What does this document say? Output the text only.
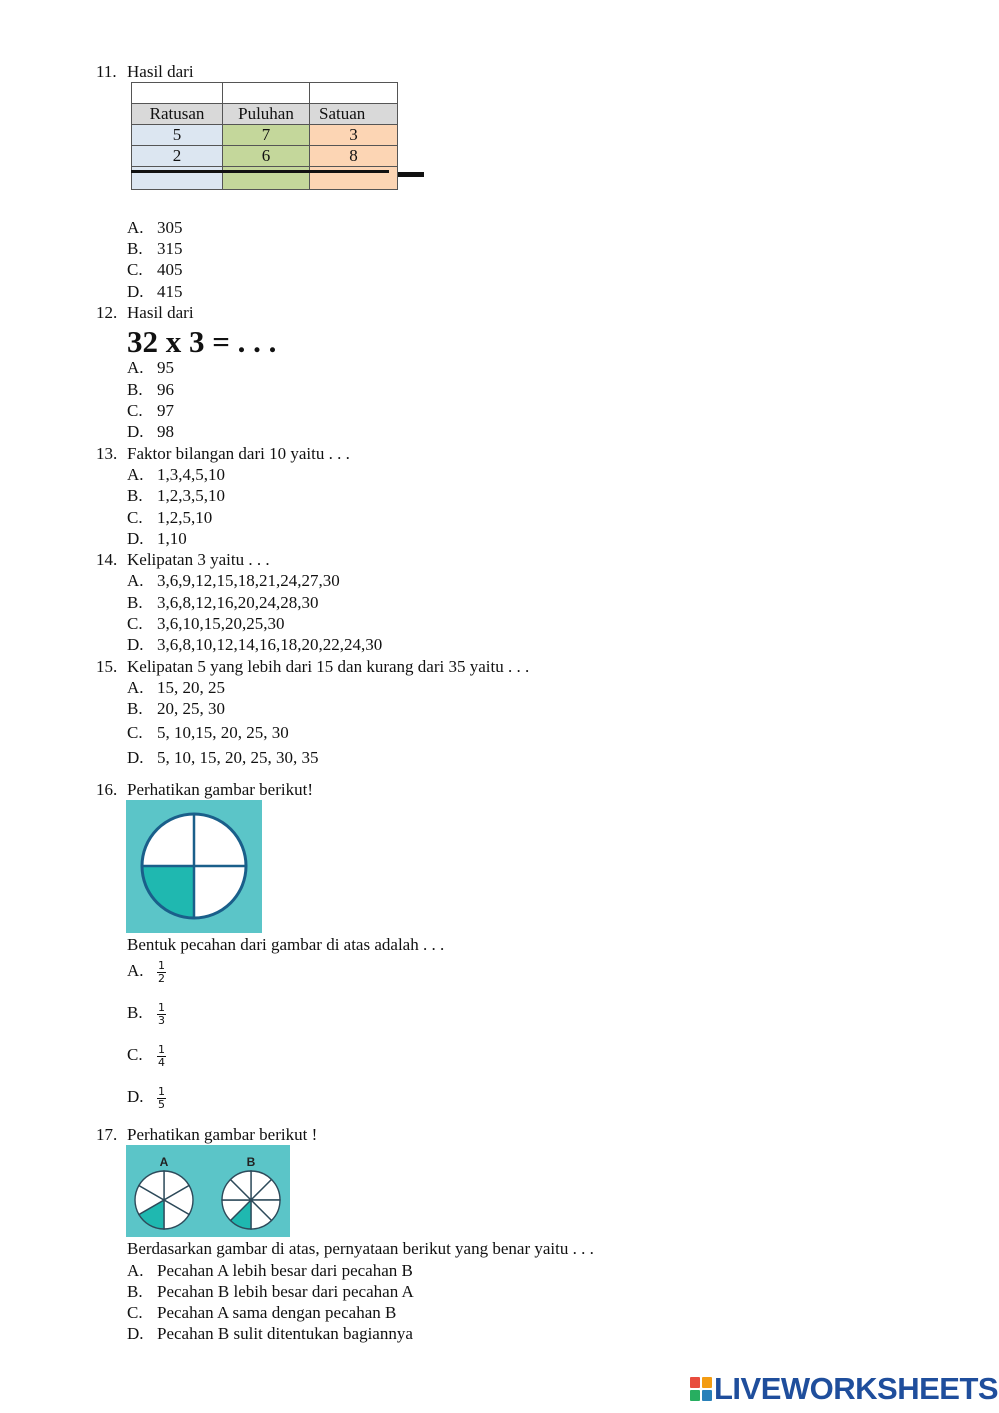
11. Hasil dari

Ratusan	Puluhan	Satuan
5	7	3
2	6	8

A. 305
B. 315
C. 405
D. 415
12. Hasil dari
32 x 3 = . . .
A. 95
B. 96
C. 97
D. 98
13. Faktor bilangan dari 10 yaitu . . .
A. 1,3,4,5,10
B. 1,2,3,5,10
C. 1,2,5,10
D. 1,10
14. Kelipatan 3 yaitu . . .
A. 3,6,9,12,15,18,21,24,27,30
B. 3,6,8,12,16,20,24,28,30
C. 3,6,10,15,20,25,30
D. 3,6,8,10,12,14,16,18,20,22,24,30
15. Kelipatan 5 yang lebih dari 15 dan kurang dari 35 yaitu . . .
A. 15, 20, 25
B. 20, 25, 30
C. 5, 10,15, 20, 25, 30
D. 5, 10, 15, 20, 25, 30, 35
16. Perhatikan gambar berikut!
Bentuk pecahan dari gambar di atas adalah . . .
A. $\frac{1}{2}$
B. $\frac{1}{3}$
C. $\frac{1}{4}$
D. $\frac{1}{5}$
17. Perhatikan gambar berikut !
A	B
Berdasarkan gambar di atas, pernyataan berikut yang benar yaitu . . .
A. Pecahan A lebih besar dari pecahan B
B. Pecahan B lebih besar dari pecahan A
C. Pecahan A sama dengan pecahan B
D. Pecahan B sulit ditentukan bagiannya
LIVEWORKSHEETS
